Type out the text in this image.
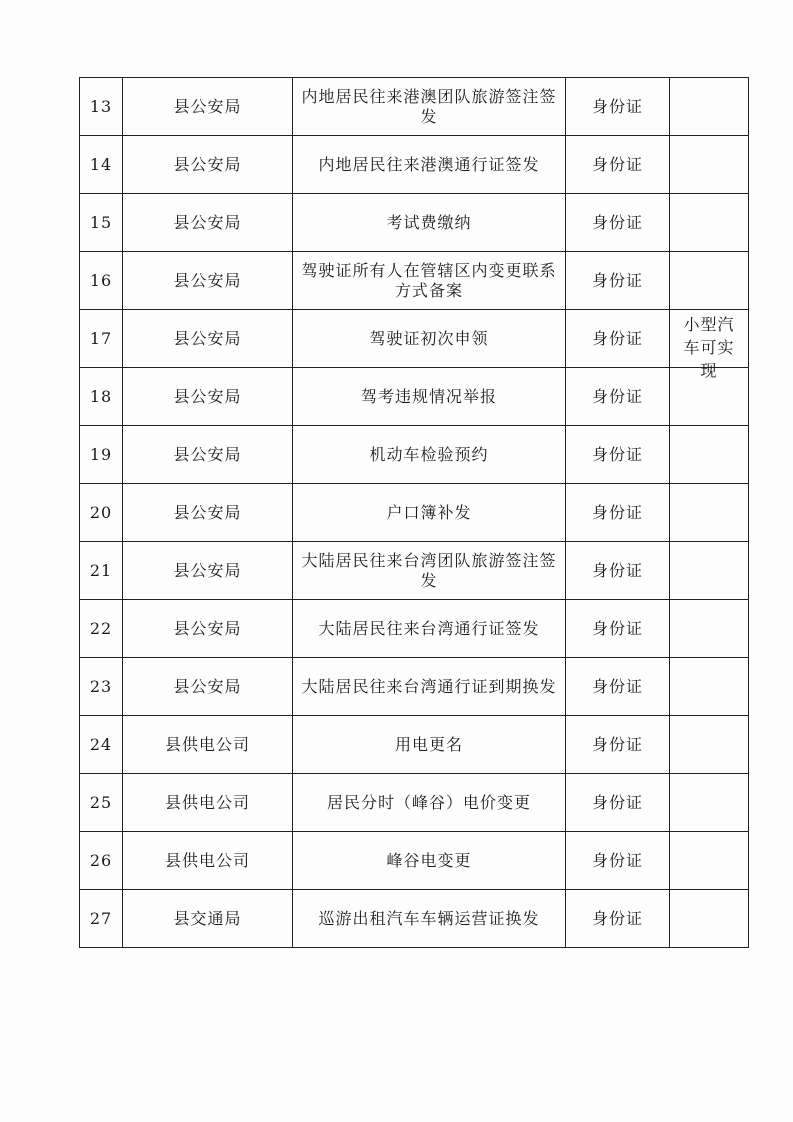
13	县公安局	内地居民往来港澳团队旅游签注签发	身份证	

14	县公安局	内地居民往来港澳通行证签发	身份证	

15	县公安局	考试费缴纳	身份证	

16	县公安局	驾驶证所有人在管辖区内变更联系方式备案	身份证	

17	县公安局	驾驶证初次申领	身份证	小型汽车可实现

18	县公安局	驾考违规情况举报	身份证	

19	县公安局	机动车检验预约	身份证	

20	县公安局	户口簿补发	身份证	

21	县公安局	大陆居民往来台湾团队旅游签注签发	身份证	

22	县公安局	大陆居民往来台湾通行证签发	身份证	

23	县公安局	大陆居民往来台湾通行证到期换发	身份证	

24	县供电公司	用电更名	身份证	

25	县供电公司	居民分时（峰谷）电价变更	身份证	

26	县供电公司	峰谷电变更	身份证	

27	县交通局	巡游出租汽车车辆运营证换发	身份证	
